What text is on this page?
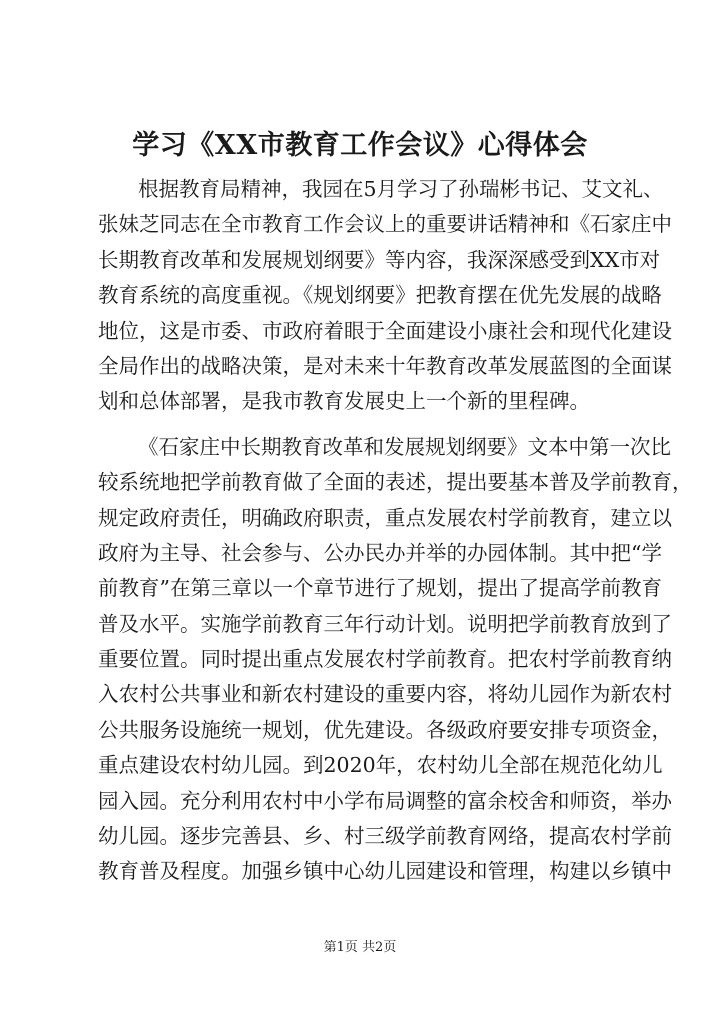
学习《XX市教育工作会议》心得体会
根据教育局精神，我园在5月学习了孙瑞彬书记、艾文礼、
张妹芝同志在全市教育工作会议上的重要讲话精神和《石家庄中
长期教育改革和发展规划纲要》等内容，我深深感受到XX市对
教育系统的高度重视。《规划纲要》把教育摆在优先发展的战略
地位，这是市委、市政府着眼于全面建设小康社会和现代化建设
全局作出的战略决策，是对未来十年教育改革发展蓝图的全面谋
划和总体部署，是我市教育发展史上一个新的里程碑。
《石家庄中长期教育改革和发展规划纲要》文本中第一次比
较系统地把学前教育做了全面的表述，提出要基本普及学前教育，
规定政府责任，明确政府职责，重点发展农村学前教育，建立以
政府为主导、社会参与、公办民办并举的办园体制。其中把“学
前教育”在第三章以一个章节进行了规划，提出了提高学前教育
普及水平。实施学前教育三年行动计划。说明把学前教育放到了
重要位置。同时提出重点发展农村学前教育。把农村学前教育纳
入农村公共事业和新农村建设的重要内容，将幼儿园作为新农村
公共服务设施统一规划，优先建设。各级政府要安排专项资金，
重点建设农村幼儿园。到2020年，农村幼儿全部在规范化幼儿
园入园。充分利用农村中小学布局调整的富余校舍和师资，举办
幼儿园。逐步完善县、乡、村三级学前教育网络，提高农村学前
教育普及程度。加强乡镇中心幼儿园建设和管理，构建以乡镇中
第1页 共2页
